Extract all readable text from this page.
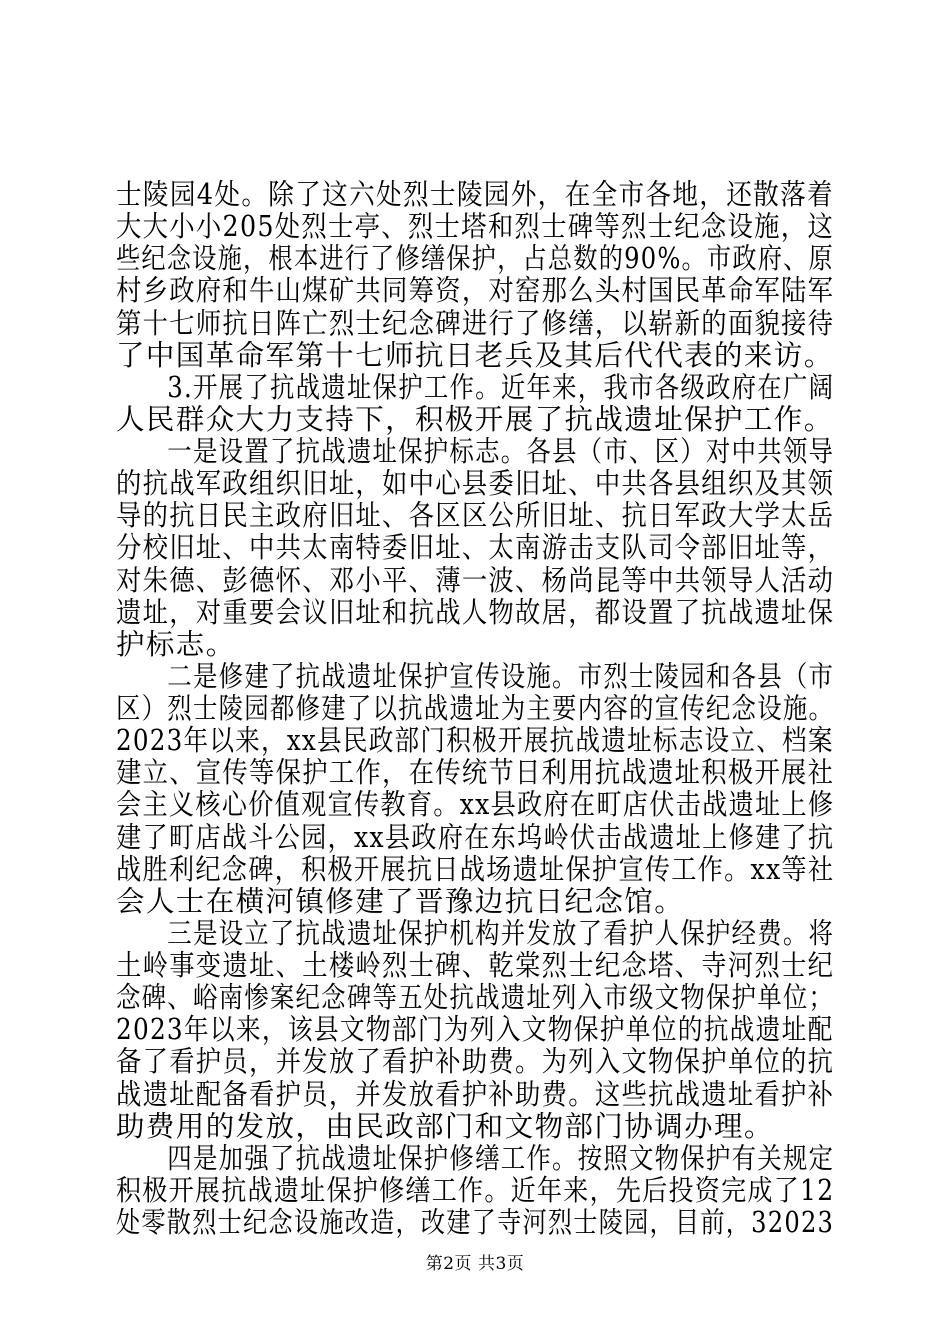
士陵园4处。除了这六处烈士陵园外，在全市各地，还散落着
大大小小205处烈士亭、烈士塔和烈士碑等烈士纪念设施，这
些纪念设施，根本进行了修缮保护，占总数的90%。市政府、原
村乡政府和牛山煤矿共同筹资，对窑那么头村国民革命军陆军
第十七师抗日阵亡烈士纪念碑进行了修缮，以崭新的面貌接待
了中国革命军第十七师抗日老兵及其后代代表的来访。
　　3.开展了抗战遗址保护工作。近年来，我市各级政府在广阔
人民群众大力支持下，积极开展了抗战遗址保护工作。
　　一是设置了抗战遗址保护标志。各县（市、区）对中共领导
的抗战军政组织旧址，如中心县委旧址、中共各县组织及其领
导的抗日民主政府旧址、各区区公所旧址、抗日军政大学太岳
分校旧址、中共太南特委旧址、太南游击支队司令部旧址等，
对朱德、彭德怀、邓小平、薄一波、杨尚昆等中共领导人活动
遗址，对重要会议旧址和抗战人物故居，都设置了抗战遗址保
护标志。
　　二是修建了抗战遗址保护宣传设施。市烈士陵园和各县（市
区）烈士陵园都修建了以抗战遗址为主要内容的宣传纪念设施。
2023年以来，xx县民政部门积极开展抗战遗址标志设立、档案
建立、宣传等保护工作，在传统节日利用抗战遗址积极开展社
会主义核心价值观宣传教育。xx县政府在町店伏击战遗址上修
建了町店战斗公园，xx县政府在东坞岭伏击战遗址上修建了抗
战胜利纪念碑，积极开展抗日战场遗址保护宣传工作。xx等社
会人士在横河镇修建了晋豫边抗日纪念馆。
　　三是设立了抗战遗址保护机构并发放了看护人保护经费。将
土岭事变遗址、土楼岭烈士碑、乾棠烈士纪念塔、寺河烈士纪
念碑、峪南惨案纪念碑等五处抗战遗址列入市级文物保护单位；
2023年以来，该县文物部门为列入文物保护单位的抗战遗址配
备了看护员，并发放了看护补助费。为列入文物保护单位的抗
战遗址配备看护员，并发放看护补助费。这些抗战遗址看护补
助费用的发放，由民政部门和文物部门协调办理。
　　四是加强了抗战遗址保护修缮工作。按照文物保护有关规定
积极开展抗战遗址保护修缮工作。近年来，先后投资完成了12
处零散烈士纪念设施改造，改建了寺河烈士陵园，目前，32023
第2页 共3页
